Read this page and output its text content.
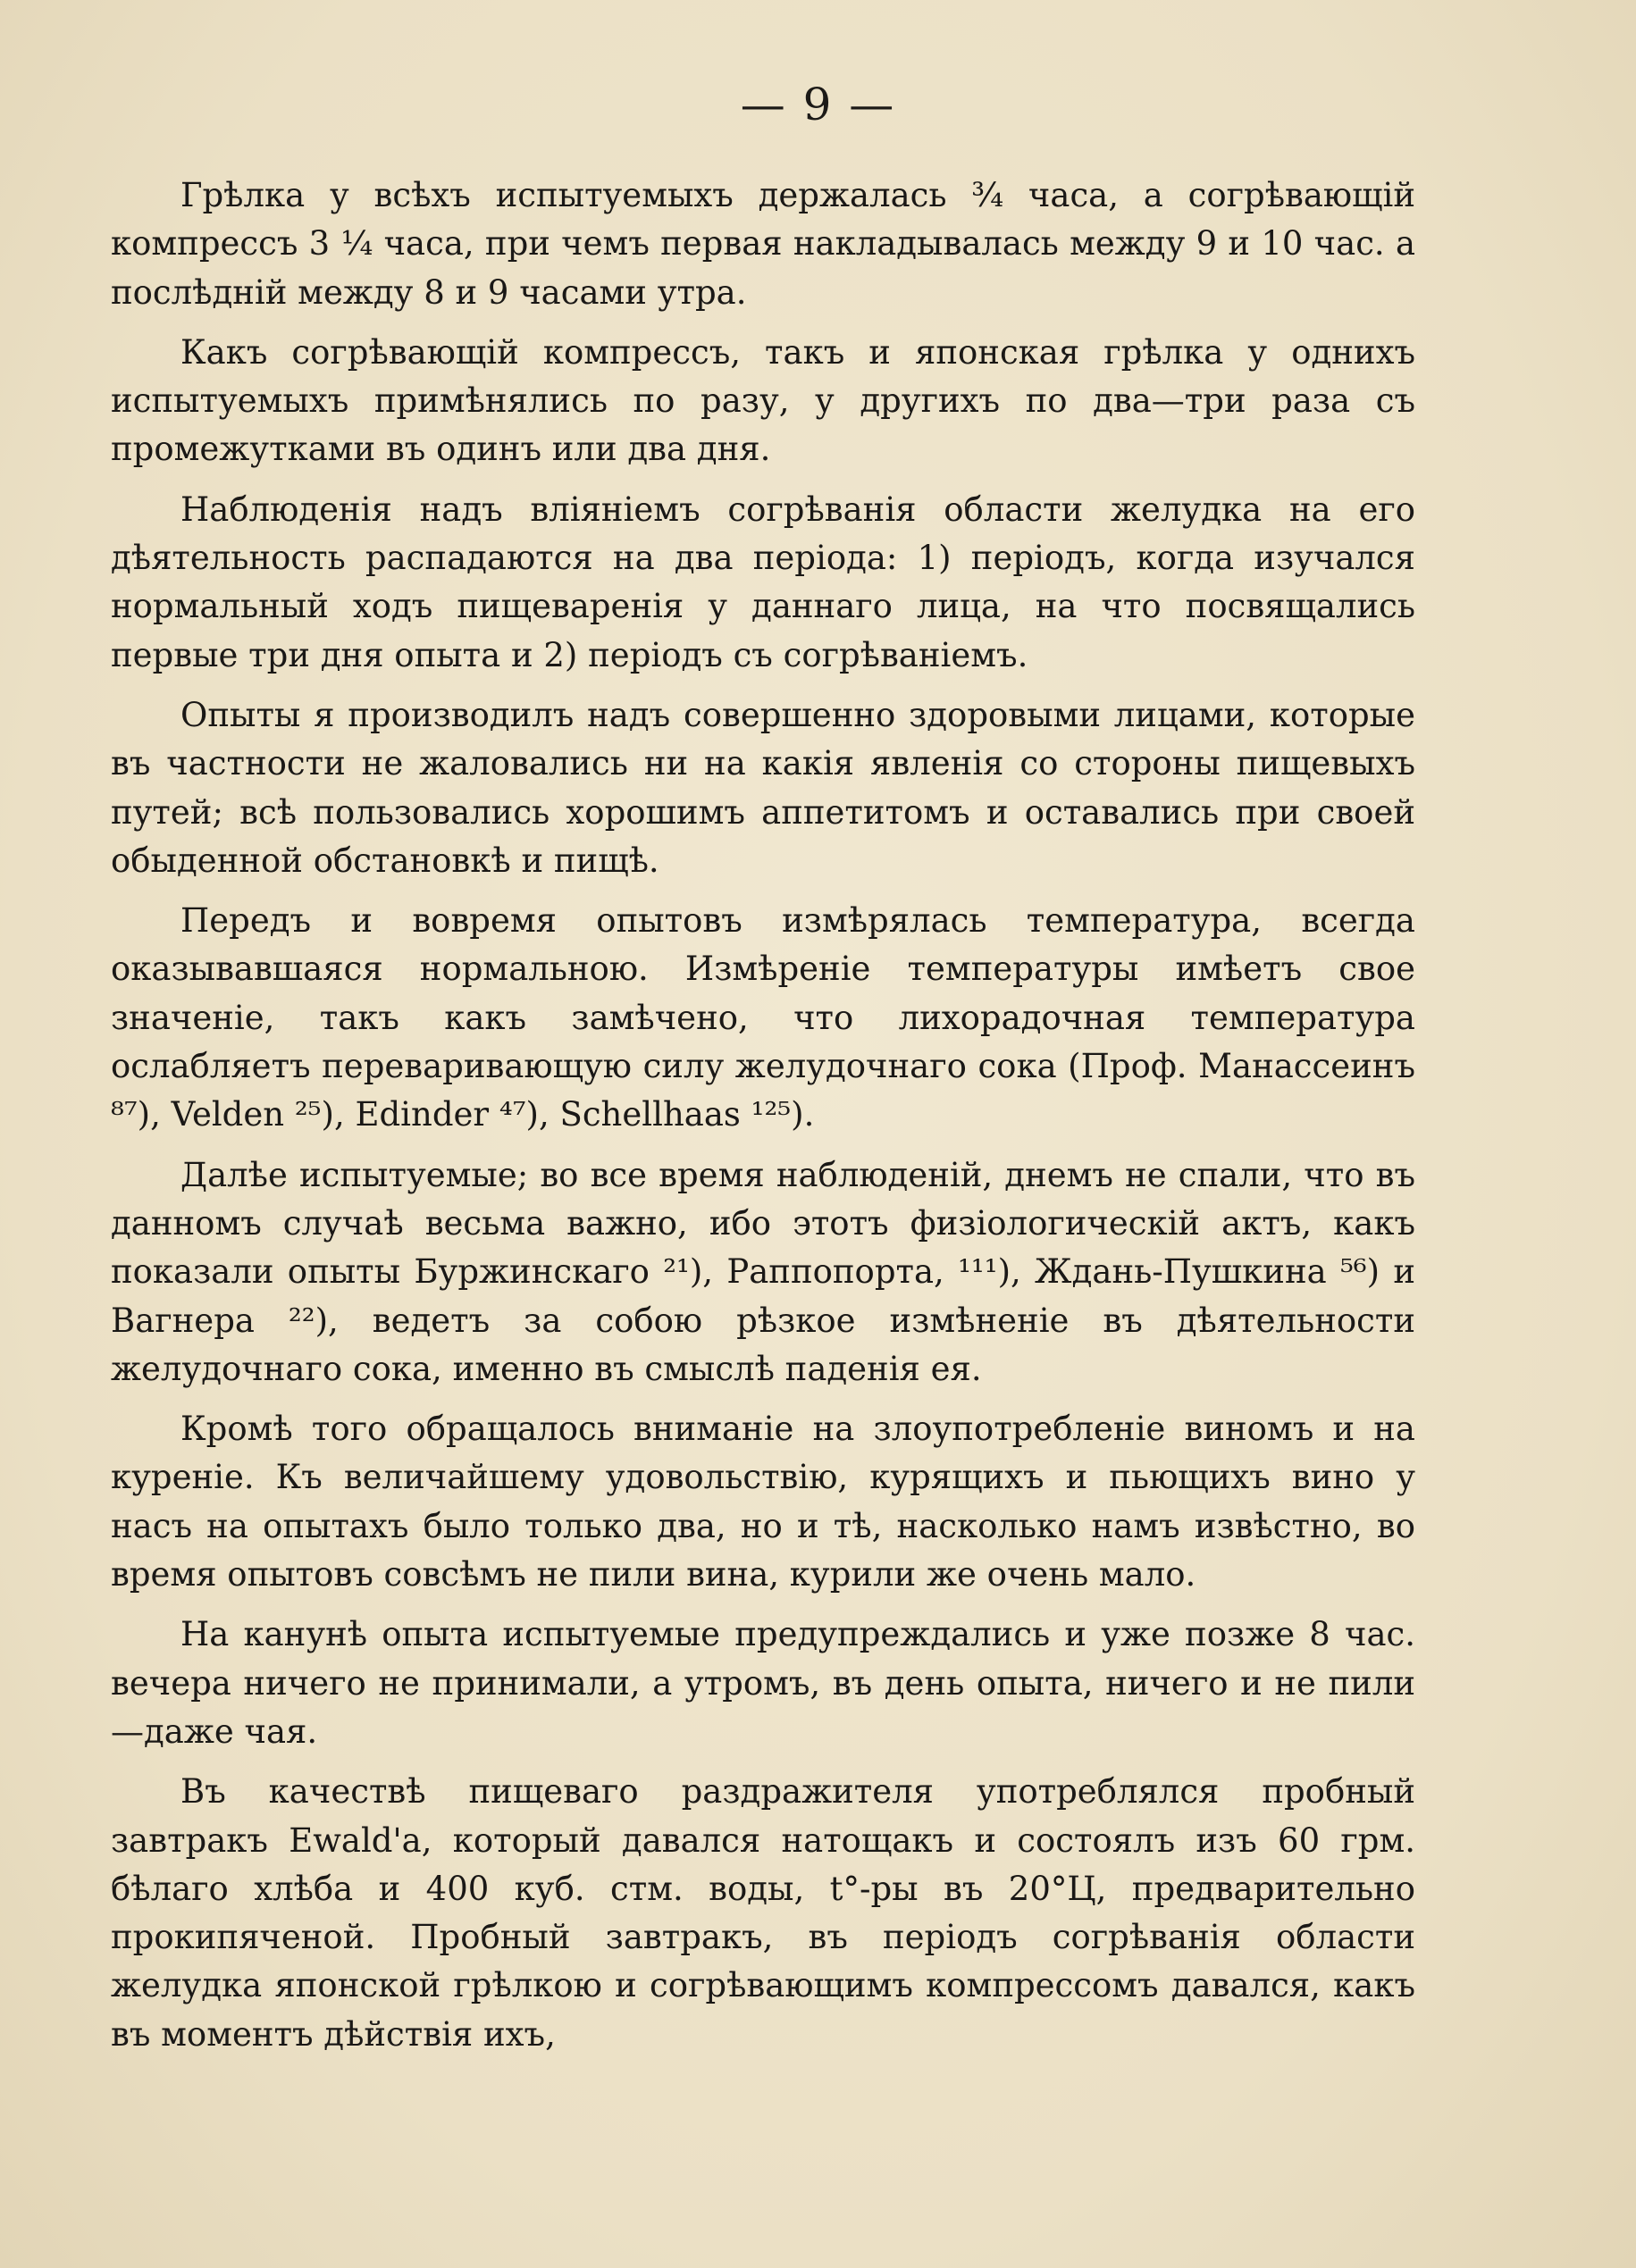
— 9 —

Грѣлка у всѣхъ испытуемыхъ держалась ¾ часа, а согрѣвающій компрессъ 3 ¼ часа, при чемъ первая накладывалась между 9 и 10 час. а послѣдній между 8 и 9 часами утра.

Какъ согрѣвающій компрессъ, такъ и японская грѣлка у однихъ испытуемыхъ примѣнялись по разу, у другихъ по два—три раза съ промежутками въ одинъ или два дня.

Наблюденія надъ вліяніемъ согрѣванія области желудка на его дѣятельность распадаются на два періода: 1) періодъ, когда изучался нормальный ходъ пищеваренія у даннаго лица, на что посвящались первые три дня опыта и 2) періодъ съ согрѣваніемъ.

Опыты я производилъ надъ совершенно здоровыми лицами, которые въ частности не жаловались ни на какія явленія со стороны пищевыхъ путей; всѣ пользовались хорошимъ аппетитомъ и оставались при своей обыденной обстановкѣ и пищѣ.

Передъ и вовремя опытовъ измѣрялась температура, всегда оказывавшаяся нормальною. Измѣреніе температуры имѣетъ свое значеніе, такъ какъ замѣчено, что лихорадочная температура ослабляетъ переваривающую силу желудочнаго сока (Проф. Манассеинъ ⁸⁷), Velden ²⁵), Edinder ⁴⁷), Schellhaas ¹²⁵).

Далѣе испытуемые; во все время наблюденій, днемъ не спали, что въ данномъ случаѣ весьма важно, ибо этотъ физіологическій актъ, какъ показали опыты Буржинскаго ²¹), Раппопорта, ¹¹¹), Ждань-Пушкина ⁵⁶) и Вагнера ²²), ведетъ за собою рѣзкое измѣненіе въ дѣятельности желудочнаго сока, именно въ смыслѣ паденія ея.

Кромѣ того обращалось вниманіе на злоупотребленіе виномъ и на куреніе. Къ величайшему удовольствію, курящихъ и пьющихъ вино у насъ на опытахъ было только два, но и тѣ, насколько намъ извѣстно, во время опытовъ совсѣмъ не пили вина, курили же очень мало.

На канунѣ опыта испытуемые предупреждались и уже позже 8 час. вечера ничего не принимали, а утромъ, въ день опыта, ничего и не пили—даже чая.

Въ качествѣ пищеваго раздражителя употреблялся пробный завтракъ Ewald'а, который давался натощакъ и состоялъ изъ 60 грм. бѣлаго хлѣба и 400 куб. стм. воды, t°-ры въ 20°Ц, предварительно прокипяченой. Пробный завтракъ, въ періодъ согрѣванія области желудка японской грѣлкою и согрѣвающимъ компрессомъ давался, какъ въ моментъ дѣйствія ихъ,
